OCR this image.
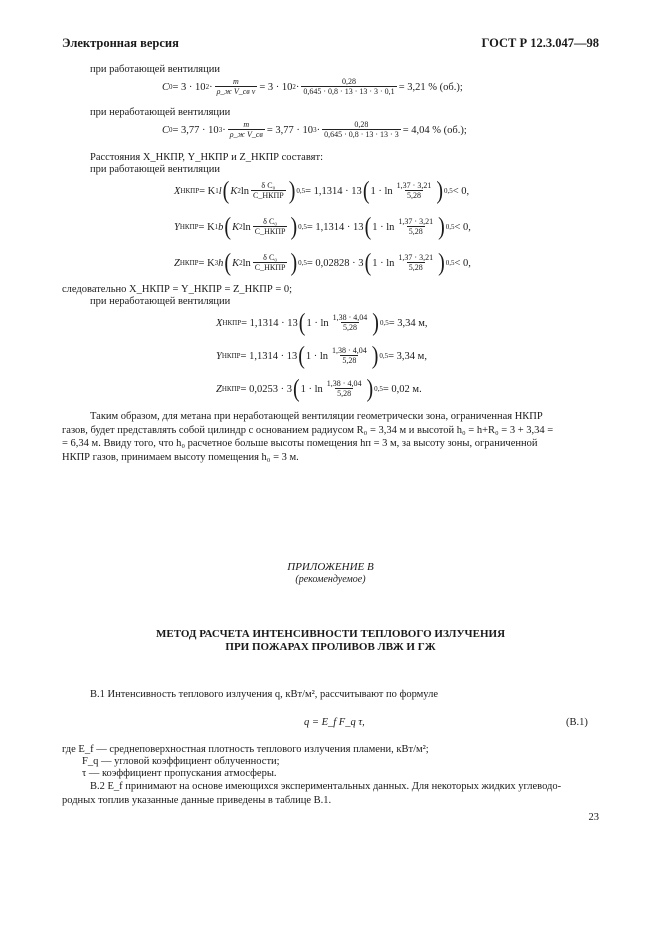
Электронная версия	ГОСТ Р 12.3.047—98
при работающей вентиляции
C 0 = 3 · 10 $2 \cdot \frac{m}{\text{ρ\_ж V\_св v}} = 3 \cdot 10$ $2 \cdot \frac{0,28}{0,645 \cdot 0,8 \cdot 13 \cdot 13 \cdot 3 \cdot 0,1} = 3,21$ % (об.);
при неработающей вентиляции
C 0 = 3,77 · 10 $3 \cdot \frac{m}{\text{ρ\_ж V\_св}} = 3,77 \cdot 10$ $3 \cdot \frac{0,28}{0,645 \cdot 0,8 \cdot 13 \cdot 13 \cdot 3} = 4,04$ % (об.);
Расстояния X_НКПР, Y_НКПР и Z_НКПР составят:
при работающей вентиляции
X НКПР = K 1 l ( K 2 $\ln \frac{\text{δ C₀}}{\text{C\_НКПР}}$ ) 0,5 = 1,1314 · 13 ( $1 \cdot \ln \frac{1,37 \cdot 3,21}{5,28}$ ) 0,5 < 0,
Y НКПР = K 1 b ( K 2 $\ln \frac{\text{δ C₀}}{\text{C\_НКПР}}$ ) 0,5 = 1,1314 · 13 ( $1 \cdot \ln \frac{1,37 \cdot 3,21}{5,28}$ ) 0,5 < 0,
Z НКПР = K 3 h ( K 2 $\ln \frac{\text{δ C₀}}{\text{C\_НКПР}}$ ) 0,5 = 0,02828 · 3 ( $1 \cdot \ln \frac{1,37 \cdot 3,21}{5,28}$ ) 0,5 < 0,
следовательно X_НКПР = Y_НКПР = Z_НКПР = 0;
при неработающей вентиляции
X НКПР = 1,1314 · 13 ( $1 \cdot \ln \frac{1,38 \cdot 4,04}{5,28}$ ) 0,5 = 3,34 м,
Y НКПР = 1,1314 · 13 ( $1 \cdot \ln \frac{1,38 \cdot 4,04}{5,28}$ ) 0,5 = 3,34 м,
Z НКПР = 0,0253 · 3 ( $1 \cdot \ln \frac{1,38 \cdot 4,04}{5,28}$ ) 0,5 = 0,02 м.
Таким образом, для метана при неработающей вентиляции геометрически зона, ограниченная НКПР
газов, будет представлять собой цилиндр с основанием радиусом R₀ = 3,34 м и высотой h₀ = h+R₀ = 3 + 3,34 =
= 6,34 м. Ввиду того, что h₀ расчетное больше высоты помещения hп = 3 м, за высоту зоны, ограниченной
НКПР газов, принимаем высоту помещения h₀ = 3 м.
ПРИЛОЖЕНИЕ В
(рекомендуемое)
МЕТОД РАСЧЕТА ИНТЕНСИВНОСТИ ТЕПЛОВОГО ИЗЛУЧЕНИЯ
ПРИ ПОЖАРАХ ПРОЛИВОВ ЛВЖ И ГЖ
В.1 Интенсивность теплового излучения q, кВт/м², рассчитывают по формуле
q = E_f F_q τ,	(В.1)
где E_f — среднеповерхностная плотность теплового излучения пламени, кВт/м²;
F_q — угловой коэффициент облученности;
τ — коэффициент пропускания атмосферы.
В.2 E_f принимают на основе имеющихся экспериментальных данных. Для некоторых жидких углеводо-
родных топлив указанные данные приведены в таблице В.1.
23
